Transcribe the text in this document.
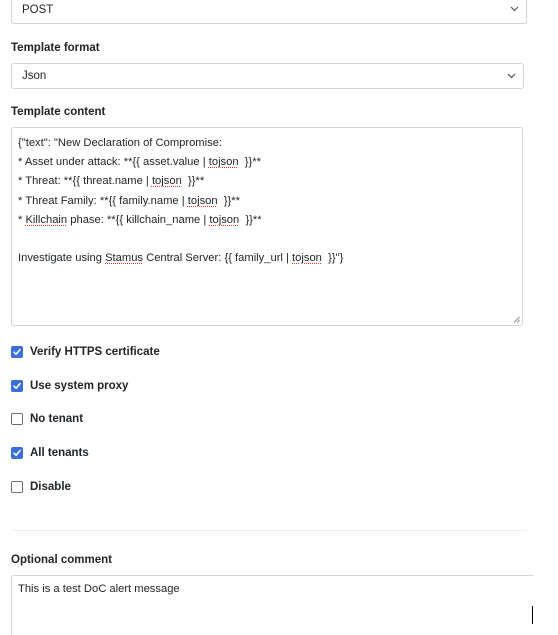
POST
Template format
Json
Template content
{"text": "New Declaration of Compromise:
* Asset under attack: **{{ asset.value | tojson  }}**
* Threat: **{{ threat.name | tojson  }}**
* Threat Family: **{{ family.name | tojson  }}**
* Killchain phase: **{{ killchain_name | tojson  }}**
Investigate using Stamus Central Server: {{ family_url | tojson  }}"}
Verify HTTPS certificate
Use system proxy
No tenant
All tenants
Disable
Optional comment
This is a test DoC alert message
